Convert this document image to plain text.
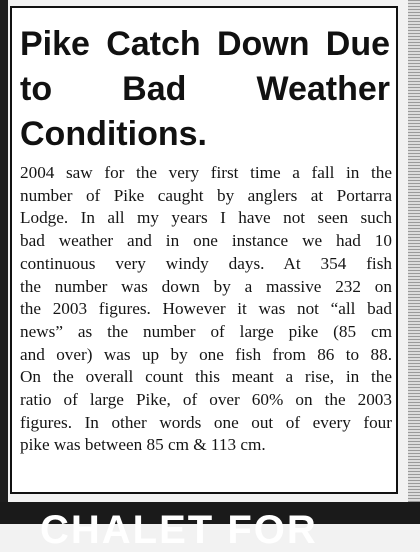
Pike Catch Down Due
to Bad Weather
Conditions.

2004 saw for the very first time a fall in the
number of Pike caught by anglers at Portarra
Lodge. In all my years I have not seen such
bad weather and in one instance we had 10
continuous very windy days. At 354 fish
the number was down by a massive 232 on
the 2003 figures. However it was not “all bad
news” as the number of large pike (85 cm
and over) was up by one fish from 86 to 88.
On the overall count this meant a rise, in the
ratio of large Pike, of over 60% on the 2003
figures. In other words one out of every four
pike was between 85 cm & 113 cm.

CHALET FOR
